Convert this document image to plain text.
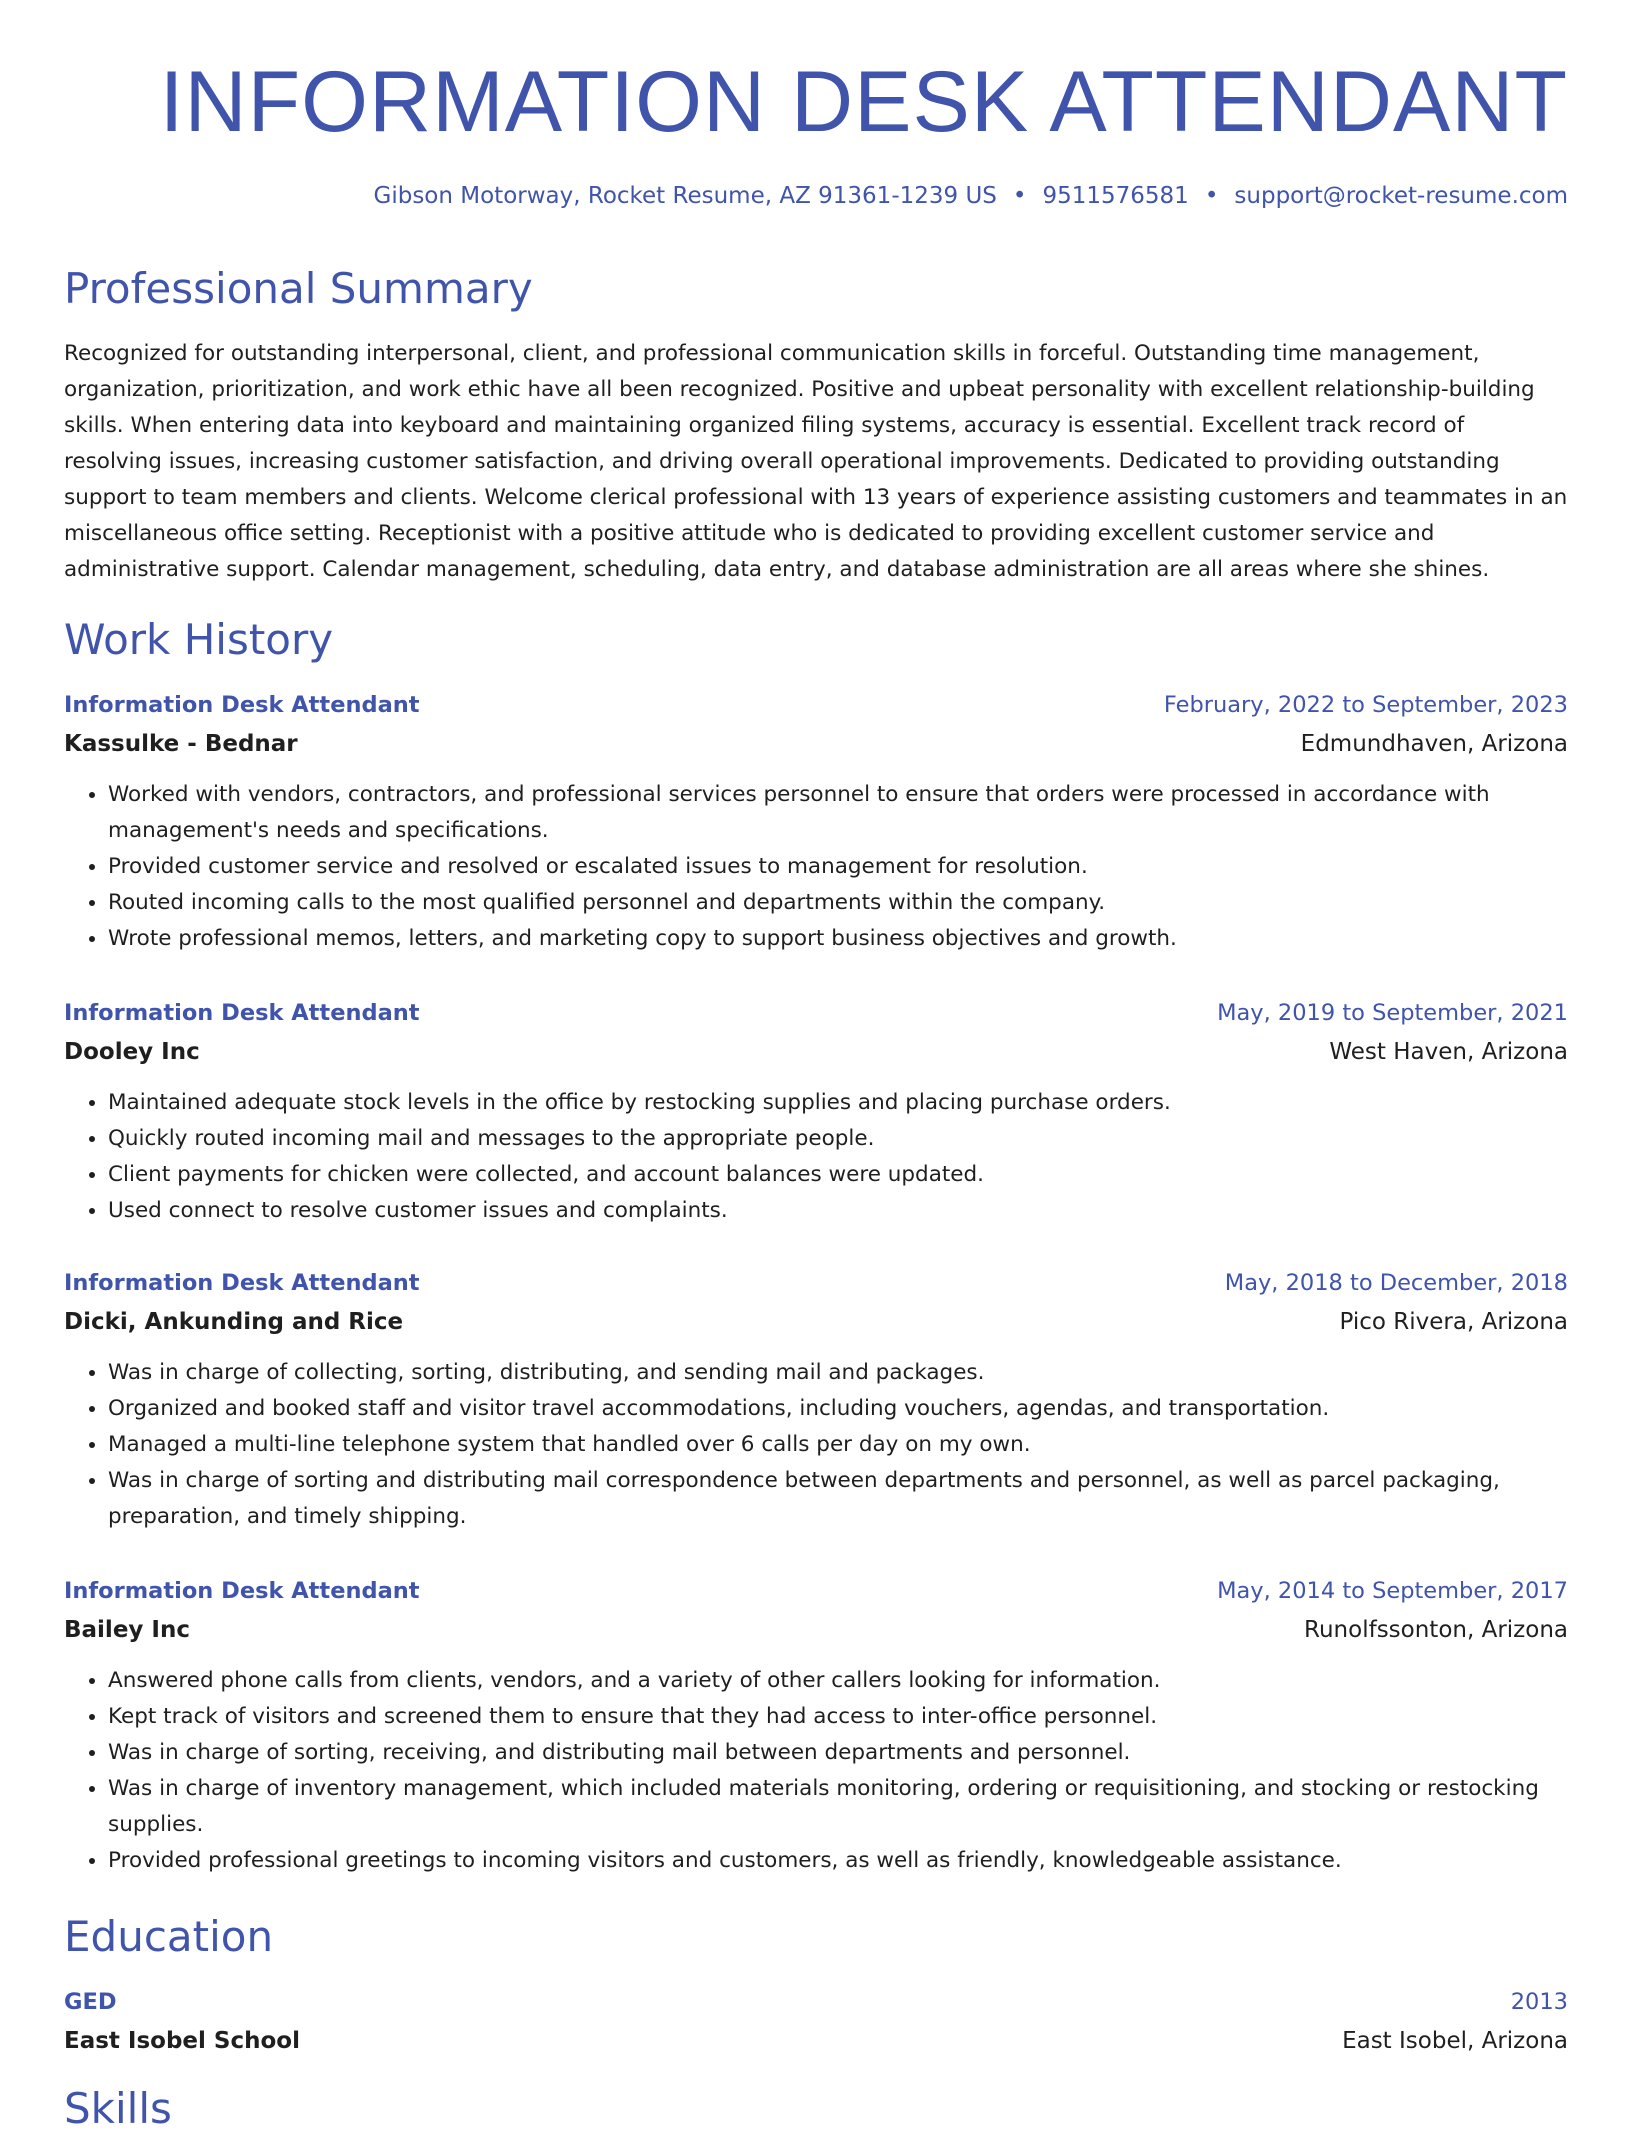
INFORMATION DESK ATTENDANT
Gibson Motorway, Rocket Resume, AZ 91361-1239 US • 9511576581 • support@rocket-resume.com
Professional Summary

Recognized for outstanding interpersonal, client, and professional communication skills in forceful. Outstanding time management, organization, prioritization, and work ethic have all been recognized. Positive and upbeat personality with excellent relationship-building skills. When entering data into keyboard and maintaining organized filing systems, accuracy is essential. Excellent track record of resolving issues, increasing customer satisfaction, and driving overall operational improvements. Dedicated to providing outstanding support to team members and clients. Welcome clerical professional with 13 years of experience assisting customers and teammates in an miscellaneous office setting. Receptionist with a positive attitude who is dedicated to providing excellent customer service and administrative support. Calendar management, scheduling, data entry, and database administration are all areas where she shines.

Work History
Information Desk Attendant	February, 2022 to September, 2023
Kassulke - Bednar	Edmundhaven, Arizona
• Worked with vendors, contractors, and professional services personnel to ensure that orders were processed in accordance with management's needs and specifications.
• Provided customer service and resolved or escalated issues to management for resolution.
• Routed incoming calls to the most qualified personnel and departments within the company.
• Wrote professional memos, letters, and marketing copy to support business objectives and growth.
Information Desk Attendant	May, 2019 to September, 2021
Dooley Inc	West Haven, Arizona
• Maintained adequate stock levels in the office by restocking supplies and placing purchase orders.
• Quickly routed incoming mail and messages to the appropriate people.
• Client payments for chicken were collected, and account balances were updated.
• Used connect to resolve customer issues and complaints.
Information Desk Attendant	May, 2018 to December, 2018
Dicki, Ankunding and Rice	Pico Rivera, Arizona
• Was in charge of collecting, sorting, distributing, and sending mail and packages.
• Organized and booked staff and visitor travel accommodations, including vouchers, agendas, and transportation.
• Managed a multi-line telephone system that handled over 6 calls per day on my own.
• Was in charge of sorting and distributing mail correspondence between departments and personnel, as well as parcel packaging, preparation, and timely shipping.
Information Desk Attendant	May, 2014 to September, 2017
Bailey Inc	Runolfssonton, Arizona
• Answered phone calls from clients, vendors, and a variety of other callers looking for information.
• Kept track of visitors and screened them to ensure that they had access to inter-office personnel.
• Was in charge of sorting, receiving, and distributing mail between departments and personnel.
• Was in charge of inventory management, which included materials monitoring, ordering or requisitioning, and stocking or restocking supplies.
• Provided professional greetings to incoming visitors and customers, as well as friendly, knowledgeable assistance.
Education
GED	2013
East Isobel School	East Isobel, Arizona
Skills
